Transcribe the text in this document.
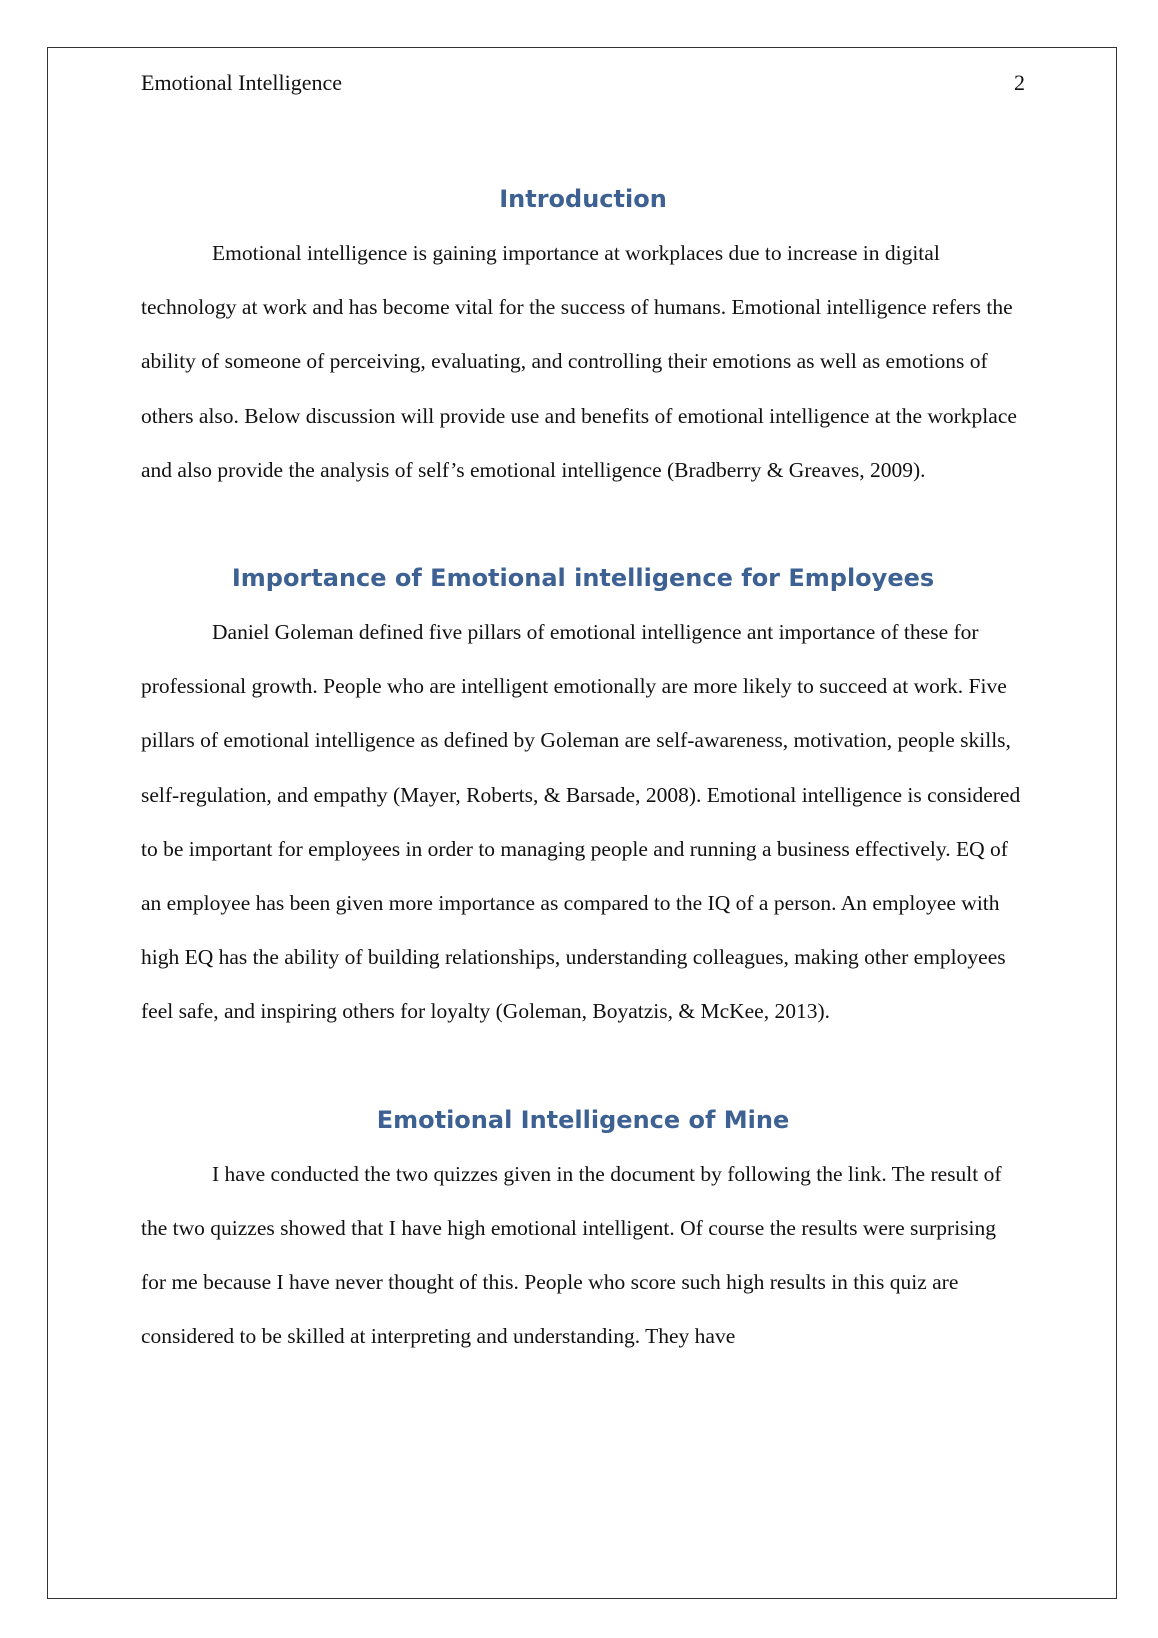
Emotional Intelligence	2
Introduction

Emotional intelligence is gaining importance at workplaces due to increase in digital technology at work and has become vital for the success of humans. Emotional intelligence refers the ability of someone of perceiving, evaluating, and controlling their emotions as well as emotions of others also. Below discussion will provide use and benefits of emotional intelligence at the workplace and also provide the analysis of self’s emotional intelligence (Bradberry & Greaves, 2009).

Importance of Emotional intelligence for Employees

Daniel Goleman defined five pillars of emotional intelligence ant importance of these for professional growth. People who are intelligent emotionally are more likely to succeed at work. Five pillars of emotional intelligence as defined by Goleman are self-awareness, motivation, people skills, self-regulation, and empathy (Mayer, Roberts, & Barsade, 2008). Emotional intelligence is considered to be important for employees in order to managing people and running a business effectively. EQ of an employee has been given more importance as compared to the IQ of a person. An employee with high EQ has the ability of building relationships, understanding colleagues, making other employees feel safe, and inspiring others for loyalty (Goleman, Boyatzis, & McKee, 2013).

Emotional Intelligence of Mine

I have conducted the two quizzes given in the document by following the link. The result of the two quizzes showed that I have high emotional intelligent. Of course the results were surprising for me because I have never thought of this. People who score such high results in this quiz are considered to be skilled at interpreting and understanding. They have
